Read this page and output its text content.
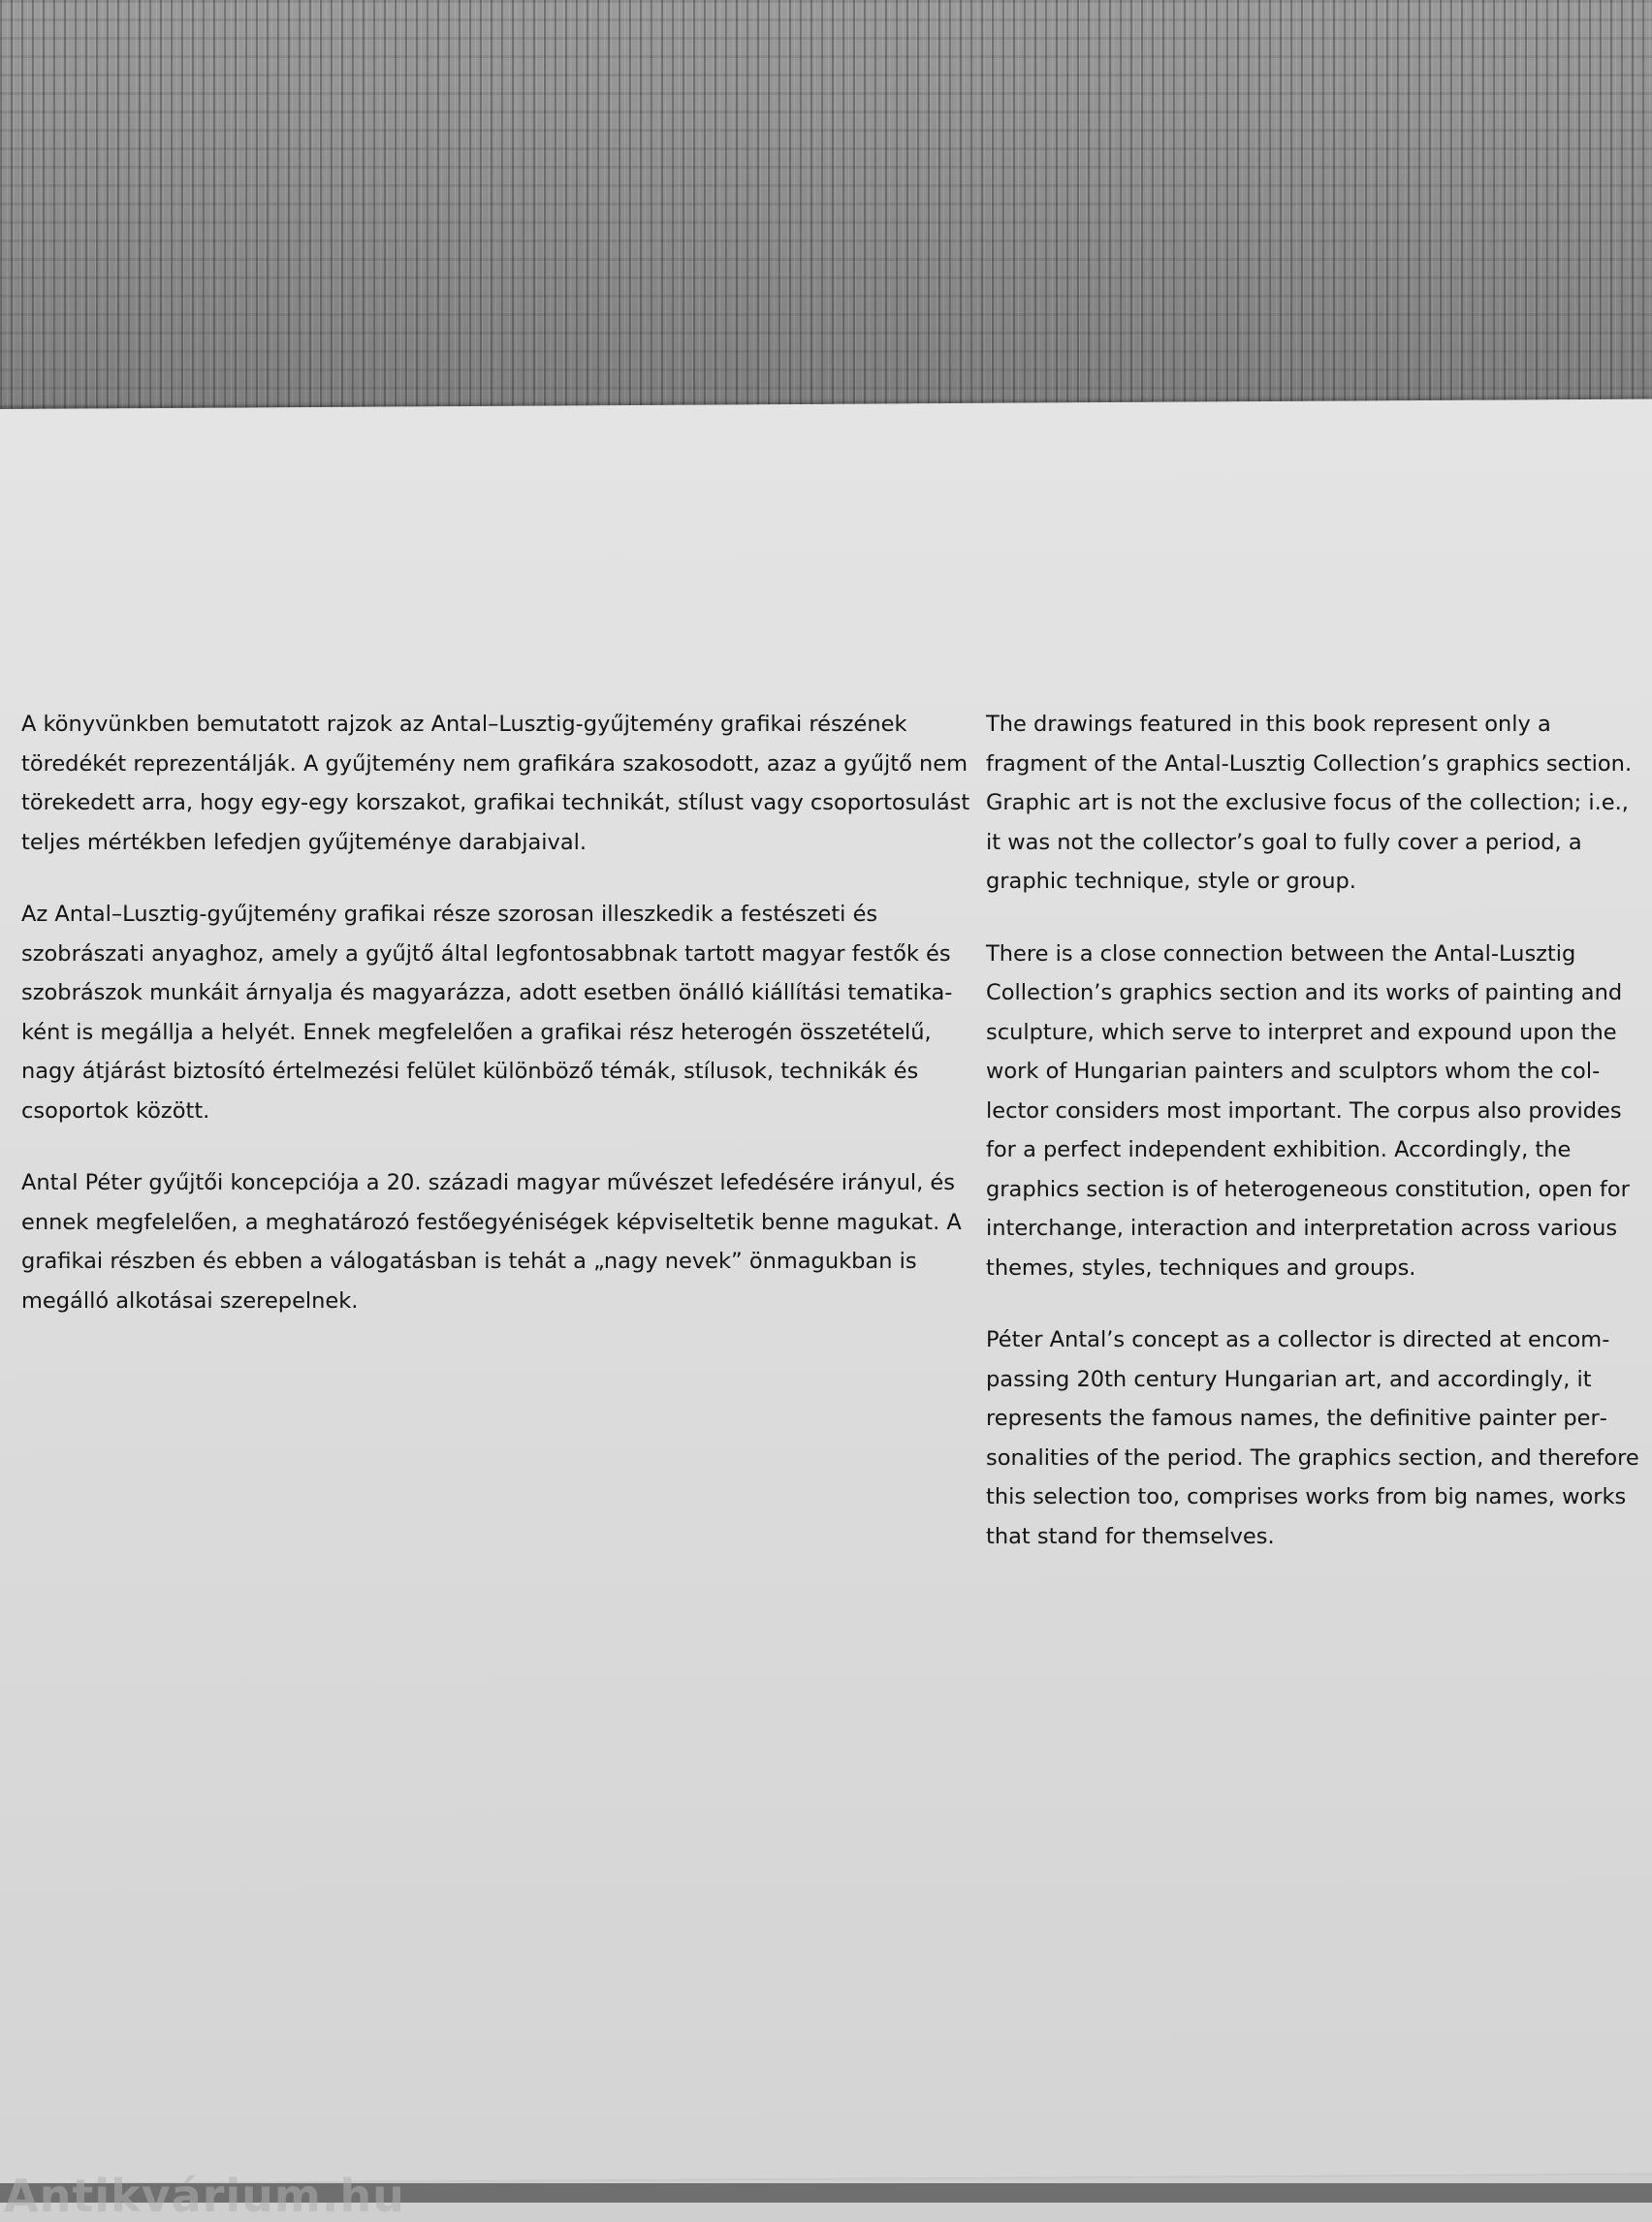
A könyvünkben bemutatott rajzok az Antal–Lusztig-gyűjtemény grafikai részének töredékét reprezentálják. A gyűjtemény nem grafikára szakosodott, azaz a gyűjtő nem törekedett arra, hogy egy-egy korszakot, grafikai technikát, stílust vagy csoportosulást teljes mértékben lefedjen gyűjteménye darabjaival.

Az Antal–Lusztig-gyűjtemény grafikai része szorosan illeszkedik a festészeti és szobrászati anyaghoz, amely a gyűjtő által legfontosabbnak tartott magyar festők és szobrászok munkáit árnyalja és magyarázza, adott esetben önálló kiállítási tematikaként is megállja a helyét. Ennek megfelelően a grafikai rész heterogén összetételű, nagy átjárást biztosító értelmezési felület különböző témák, stílusok, technikák és csoportok között.

Antal Péter gyűjtői koncepciója a 20. századi magyar művészet lefedésére irányul, és ennek megfelelően, a meghatározó festőegyéniségek képviseltetik benne magukat. A grafikai részben és ebben a válogatásban is tehát a „nagy nevek” önmagukban is megálló alkotásai szerepelnek.

The drawings featured in this book represent only a fragment of the Antal-Lusztig Collection’s graphics section. Graphic art is not the exclusive focus of the collection; i.e., it was not the collector’s goal to fully cover a period, a graphic technique, style or group.

There is a close connection between the Antal-Lusztig Collection’s graphics section and its works of painting and sculpture, which serve to interpret and expound upon the work of Hungarian painters and sculptors whom the collector considers most important. The corpus also provides for a perfect independent exhibition. Accordingly, the graphics section is of heterogeneous constitution, open for interchange, interaction and interpretation across various themes, styles, techniques and groups.

Péter Antal’s concept as a collector is directed at encompassing 20th century Hungarian art, and accordingly, it represents the famous names, the definitive painter personalities of the period. The graphics section, and therefore this selection too, comprises works from big names, works that stand for themselves.

Antikvárium.hu
